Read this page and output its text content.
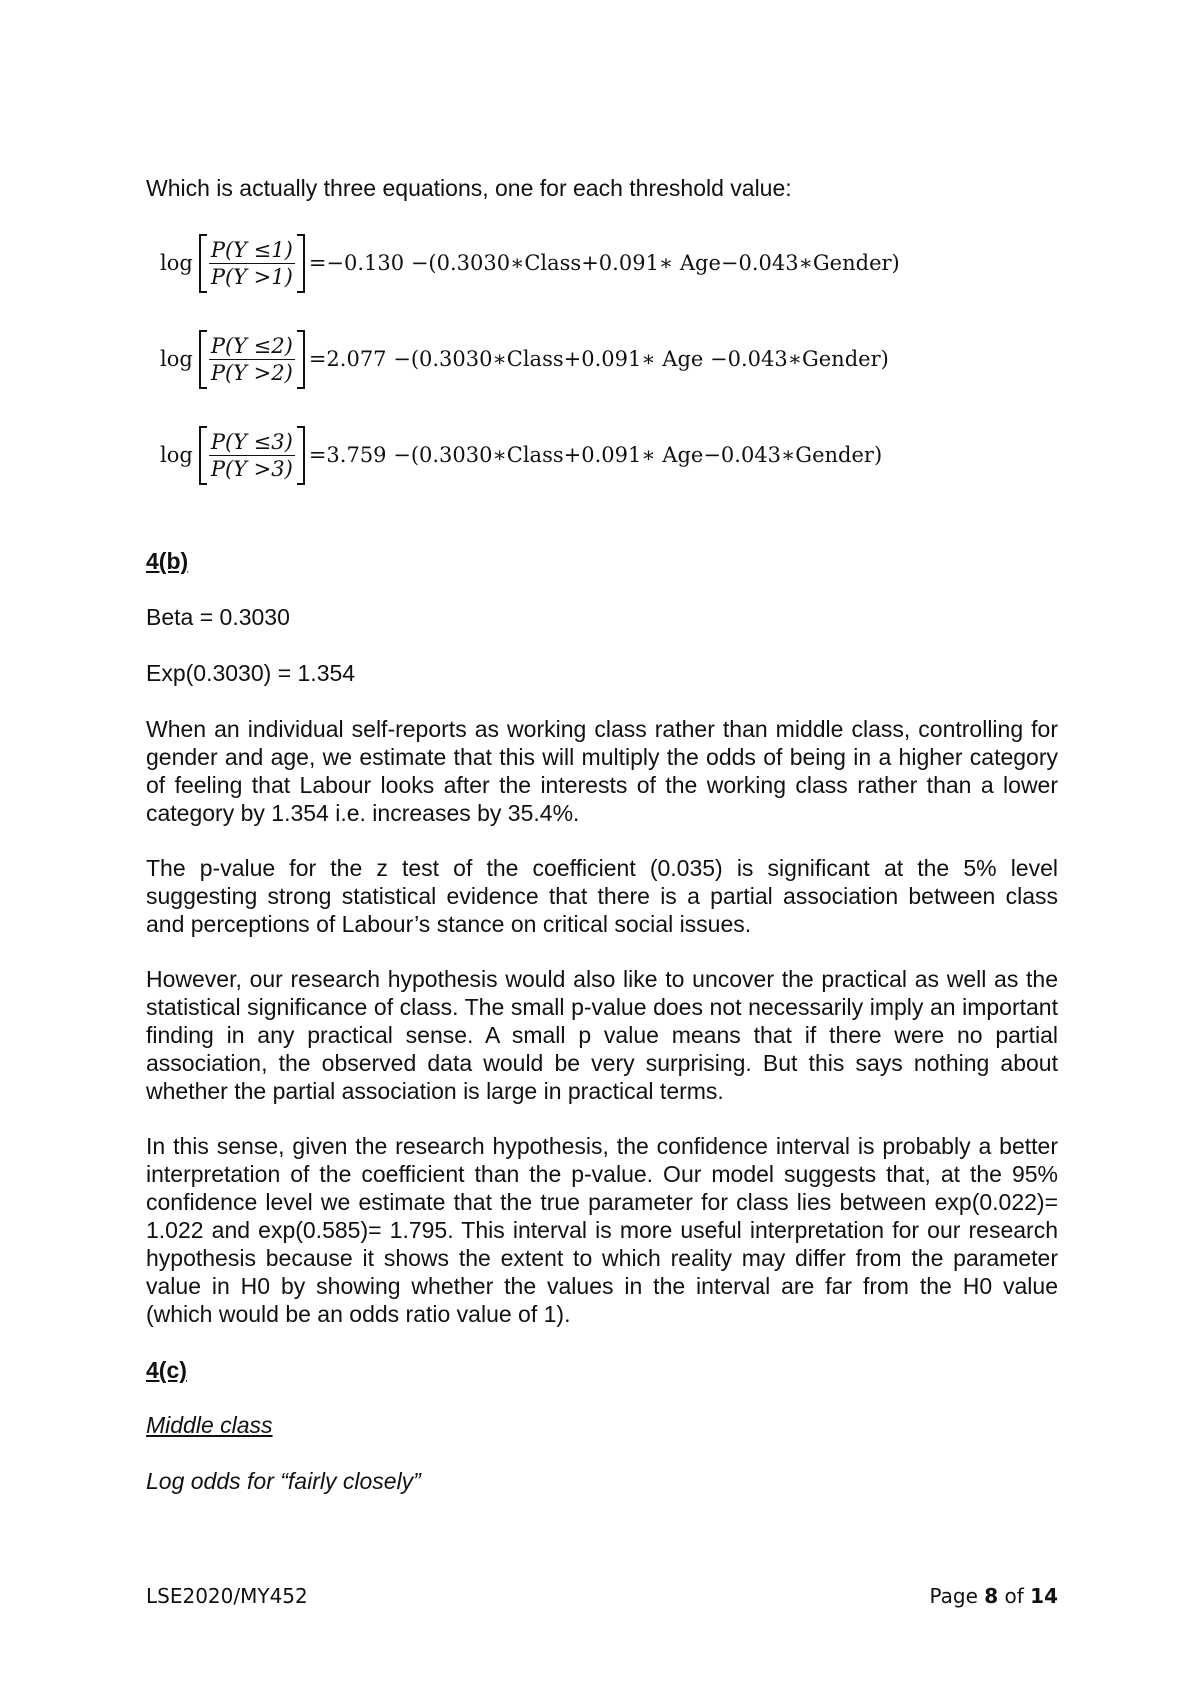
Which is actually three equations, one for each threshold value:

$\log \frac{P(Y \le 1)}{P(Y >1)} =-0.130$ −(0.3030∗Class+0.091∗ Age−0.043∗Gender)
$\log \frac{P(Y \le 2)}{P(Y >2)} =2.077$ −(0.3030∗Class+0.091∗ Age −0.043∗Gender)
$\log \frac{P(Y \le 3)}{P(Y >3)} =3.759$ −(0.3030∗Class+0.091∗ Age−0.043∗Gender)

4(b)

Beta = 0.3030

Exp(0.3030) = 1.354

When an individual self-reports as working class rather than middle class, controlling for gender and age, we estimate that this will multiply the odds of being in a higher category of feeling that Labour looks after the interests of the working class rather than a lower category by 1.354 i.e. increases by 35.4%.

The p-value for the z test of the coefficient (0.035) is significant at the 5% level suggesting strong statistical evidence that there is a partial association between class and perceptions of Labour’s stance on critical social issues.

However, our research hypothesis would also like to uncover the practical as well as the statistical significance of class. The small p-value does not necessarily imply an important finding in any practical sense. A small p value means that if there were no partial association, the observed data would be very surprising. But this says nothing about whether the partial association is large in practical terms.

In this sense, given the research hypothesis, the confidence interval is probably a better interpretation of the coefficient than the p-value. Our model suggests that, at the 95% confidence level we estimate that the true parameter for class lies between exp(0.022)= 1.022 and exp(0.585)= 1.795. This interval is more useful interpretation for our research hypothesis because it shows the extent to which reality may differ from the parameter value in H0 by showing whether the values in the interval are far from the H0 value (which would be an odds ratio value of 1).

4(c)

Middle class

Log odds for “fairly closely”

LSE2020/MY452	Page 8 of 14
